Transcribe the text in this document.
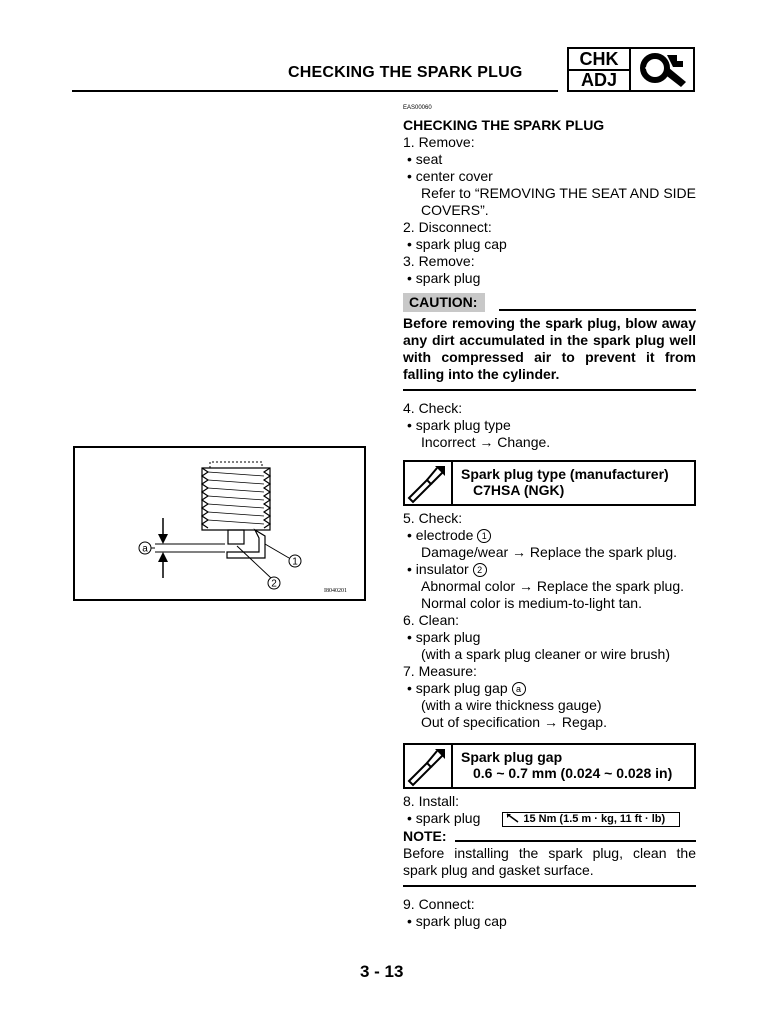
CHECKING THE SPARK PLUG
CHK
ADJ
EAS00060
CHECKING THE SPARK PLUG
1. Remove:
• seat
• center cover
Refer to “REMOVING THE SEAT AND SIDE COVERS”.
2. Disconnect:
• spark plug cap
3. Remove:
• spark plug
CAUTION:
Before removing the spark plug, blow away any dirt accumulated in the spark plug well with compressed air to prevent it from falling into the cylinder.
4. Check:
• spark plug type
Incorrect → Change.
Spark plug type (manufacturer)
C7HSA (NGK)
5. Check:
• electrode 1
Damage/wear → Replace the spark plug.
• insulator 2
Abnormal color → Replace the spark plug.
Normal color is medium-to-light tan.
6. Clean:
• spark plug
(with a spark plug cleaner or wire brush)
7. Measure:
• spark plug gap a
(with a wire thickness gauge)
Out of specification → Regap.
Spark plug gap
0.6 ~ 0.7 mm (0.024 ~ 0.028 in)
8. Install:
• spark plug	15 Nm (1.5 m · kg, 11 ft · lb)
NOTE:
Before installing the spark plug, clean the spark plug and gasket surface.
9. Connect:
• spark plug cap
a
1
2
I8040201
3 - 13
